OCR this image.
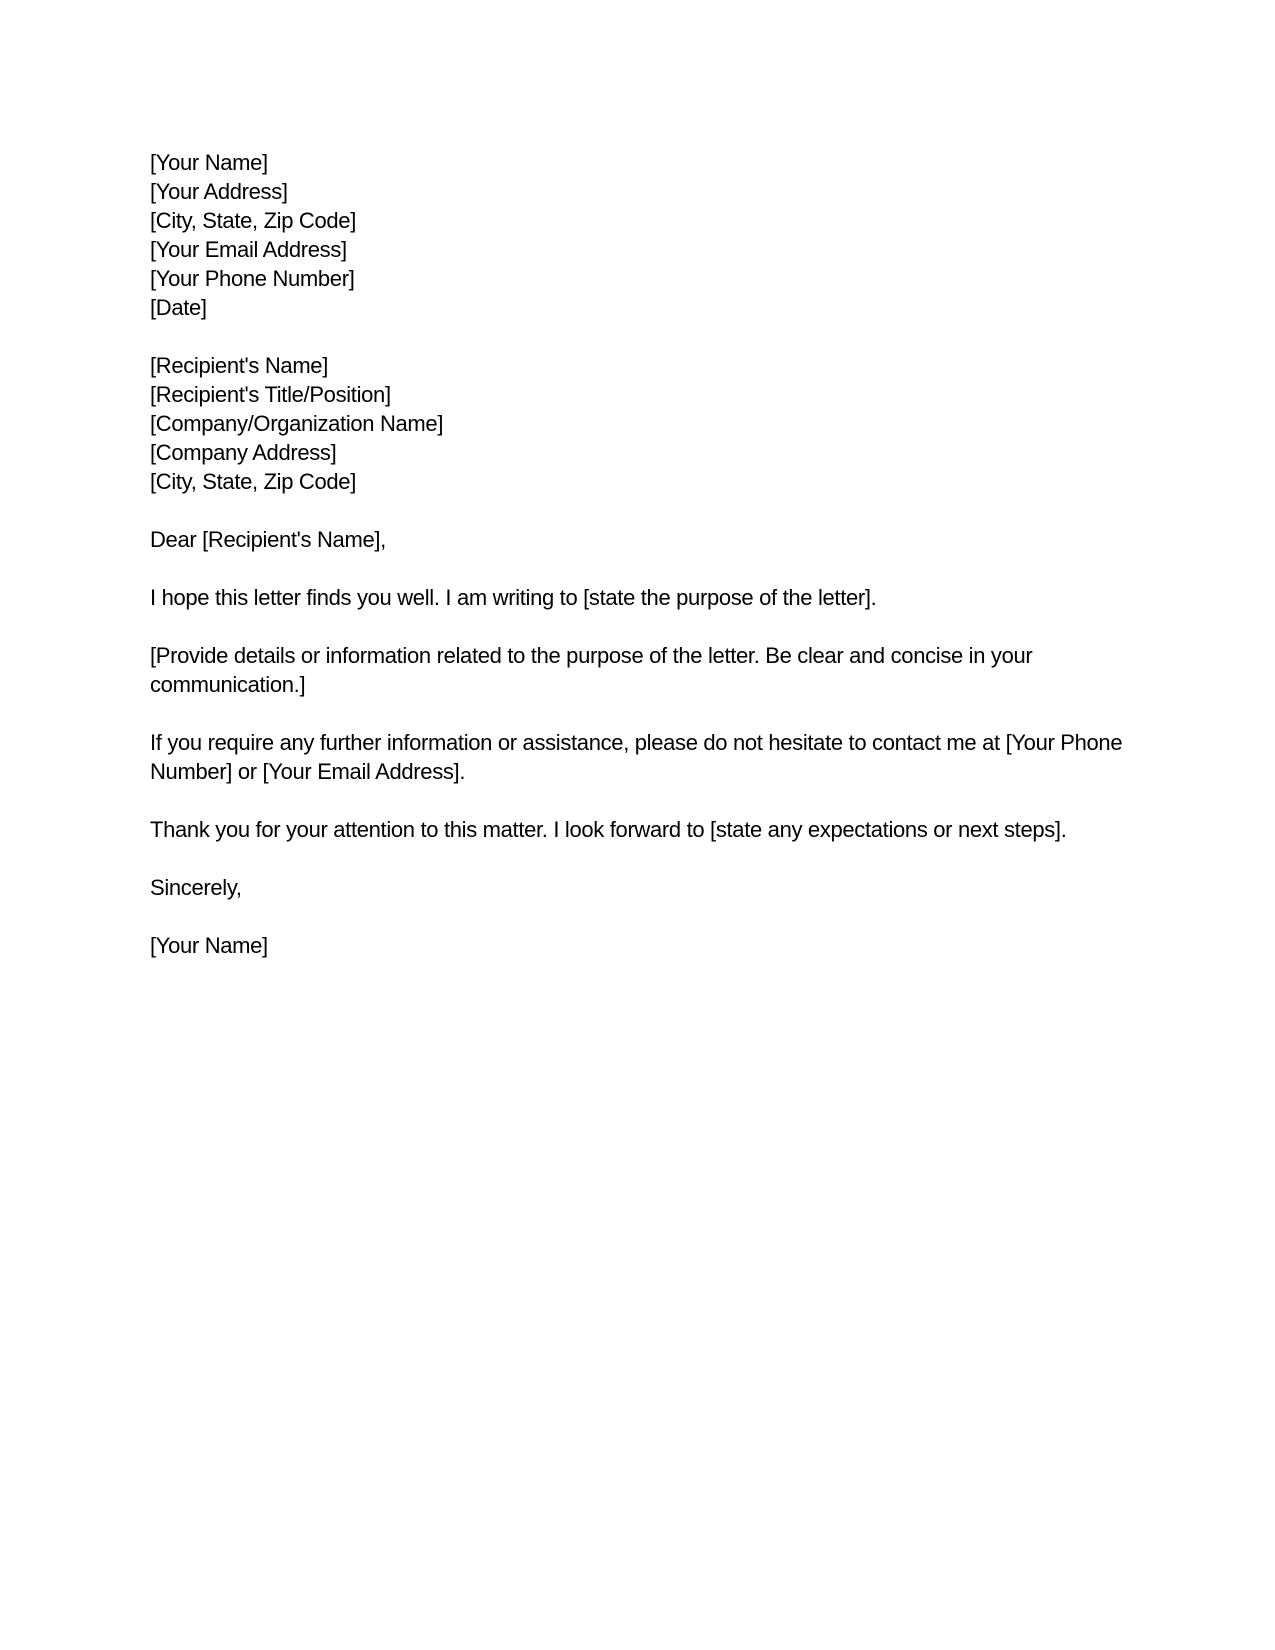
[Your Name]
[Your Address]
[City, State, Zip Code]
[Your Email Address]
[Your Phone Number]
[Date]
[Recipient's Name]
[Recipient's Title/Position]
[Company/Organization Name]
[Company Address]
[City, State, Zip Code]

Dear [Recipient's Name],

I hope this letter finds you well. I am writing to [state the purpose of the letter].

[Provide details or information related to the purpose of the letter. Be clear and concise in your communication.]

If you require any further information or assistance, please do not hesitate to contact me at [Your Phone Number] or [Your Email Address].

Thank you for your attention to this matter. I look forward to [state any expectations or next steps].

Sincerely,

[Your Name]
